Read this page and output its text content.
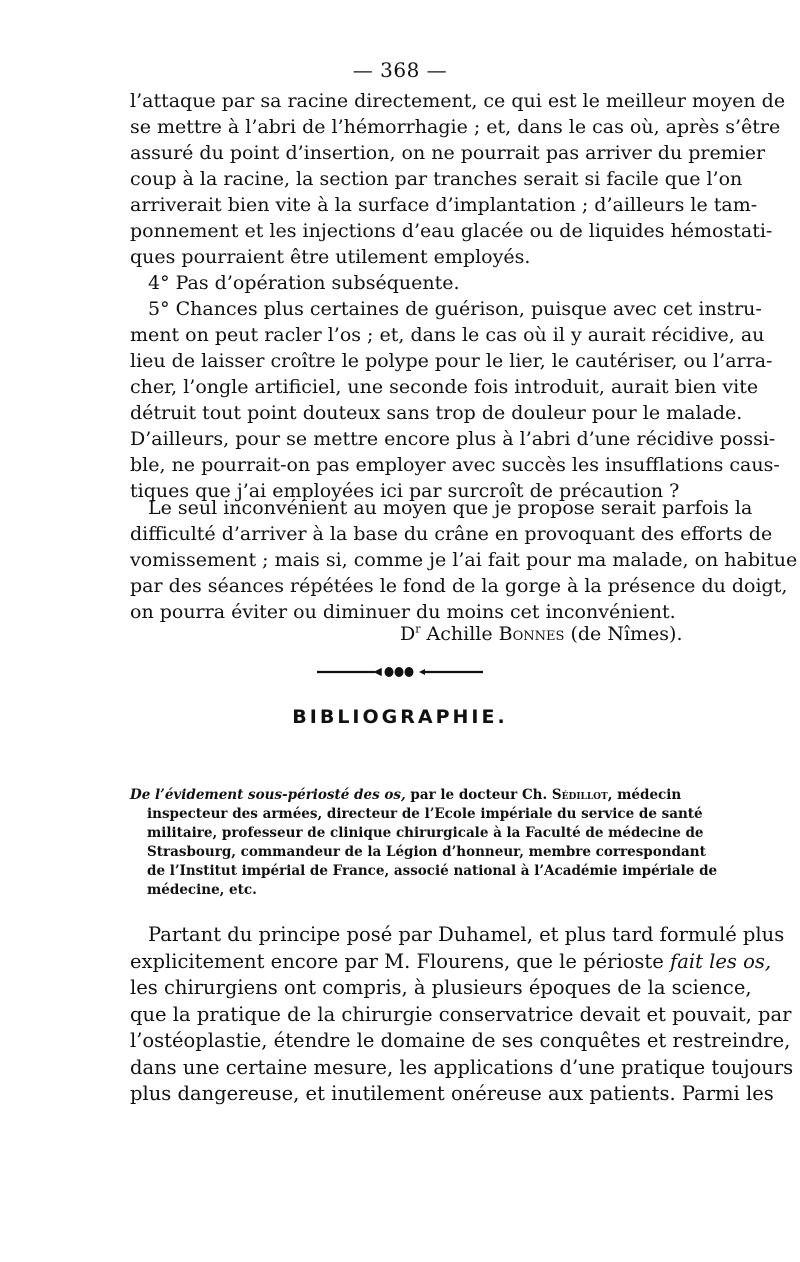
— 368 —
l’attaque par sa racine directement, ce qui est le meilleur moyen de
se mettre à l’abri de l’hémorrhagie ; et, dans le cas où, après s’être
assuré du point d’insertion, on ne pourrait pas arriver du premier
coup à la racine, la section par tranches serait si facile que l’on
arriverait bien vite à la surface d’implantation ; d’ailleurs le tam-
ponnement et les injections d’eau glacée ou de liquides hémostati-
ques pourraient être utilement employés.
4° Pas d’opération subséquente.
5° Chances plus certaines de guérison, puisque avec cet instru-
ment on peut racler l’os ; et, dans le cas où il y aurait récidive, au
lieu de laisser croître le polype pour le lier, le cautériser, ou l’arra-
cher, l’ongle artificiel, une seconde fois introduit, aurait bien vite
détruit tout point douteux sans trop de douleur pour le malade.
D’ailleurs, pour se mettre encore plus à l’abri d’une récidive possi-
ble, ne pourrait-on pas employer avec succès les insufflations caus-
tiques que j’ai employées ici par surcroît de précaution ?
Le seul inconvénient au moyen que je propose serait parfois la
difficulté d’arriver à la base du crâne en provoquant des efforts de
vomissement ; mais si, comme je l’ai fait pour ma malade, on habitue
par des séances répétées le fond de la gorge à la présence du doigt,
on pourra éviter ou diminuer du moins cet inconvénient.
$D^r$ Achille Bonnes (de Nîmes).
BIBLIOGRAPHIE.
De l’évidement sous-périosté des os, par le docteur Ch. Sédillot, médecin
inspecteur des armées, directeur de l’Ecole impériale du service de santé
militaire, professeur de clinique chirurgicale à la Faculté de médecine de
Strasbourg, commandeur de la Légion d’honneur, membre correspondant
de l’Institut impérial de France, associé national à l’Académie impériale de
médecine, etc.
Partant du principe posé par Duhamel, et plus tard formulé plus
explicitement encore par M. Flourens, que le périoste fait les os,
les chirurgiens ont compris, à plusieurs époques de la science,
que la pratique de la chirurgie conservatrice devait et pouvait, par
l’ostéoplastie, étendre le domaine de ses conquêtes et restreindre,
dans une certaine mesure, les applications d’une pratique toujours
plus dangereuse, et inutilement onéreuse aux patients. Parmi les
